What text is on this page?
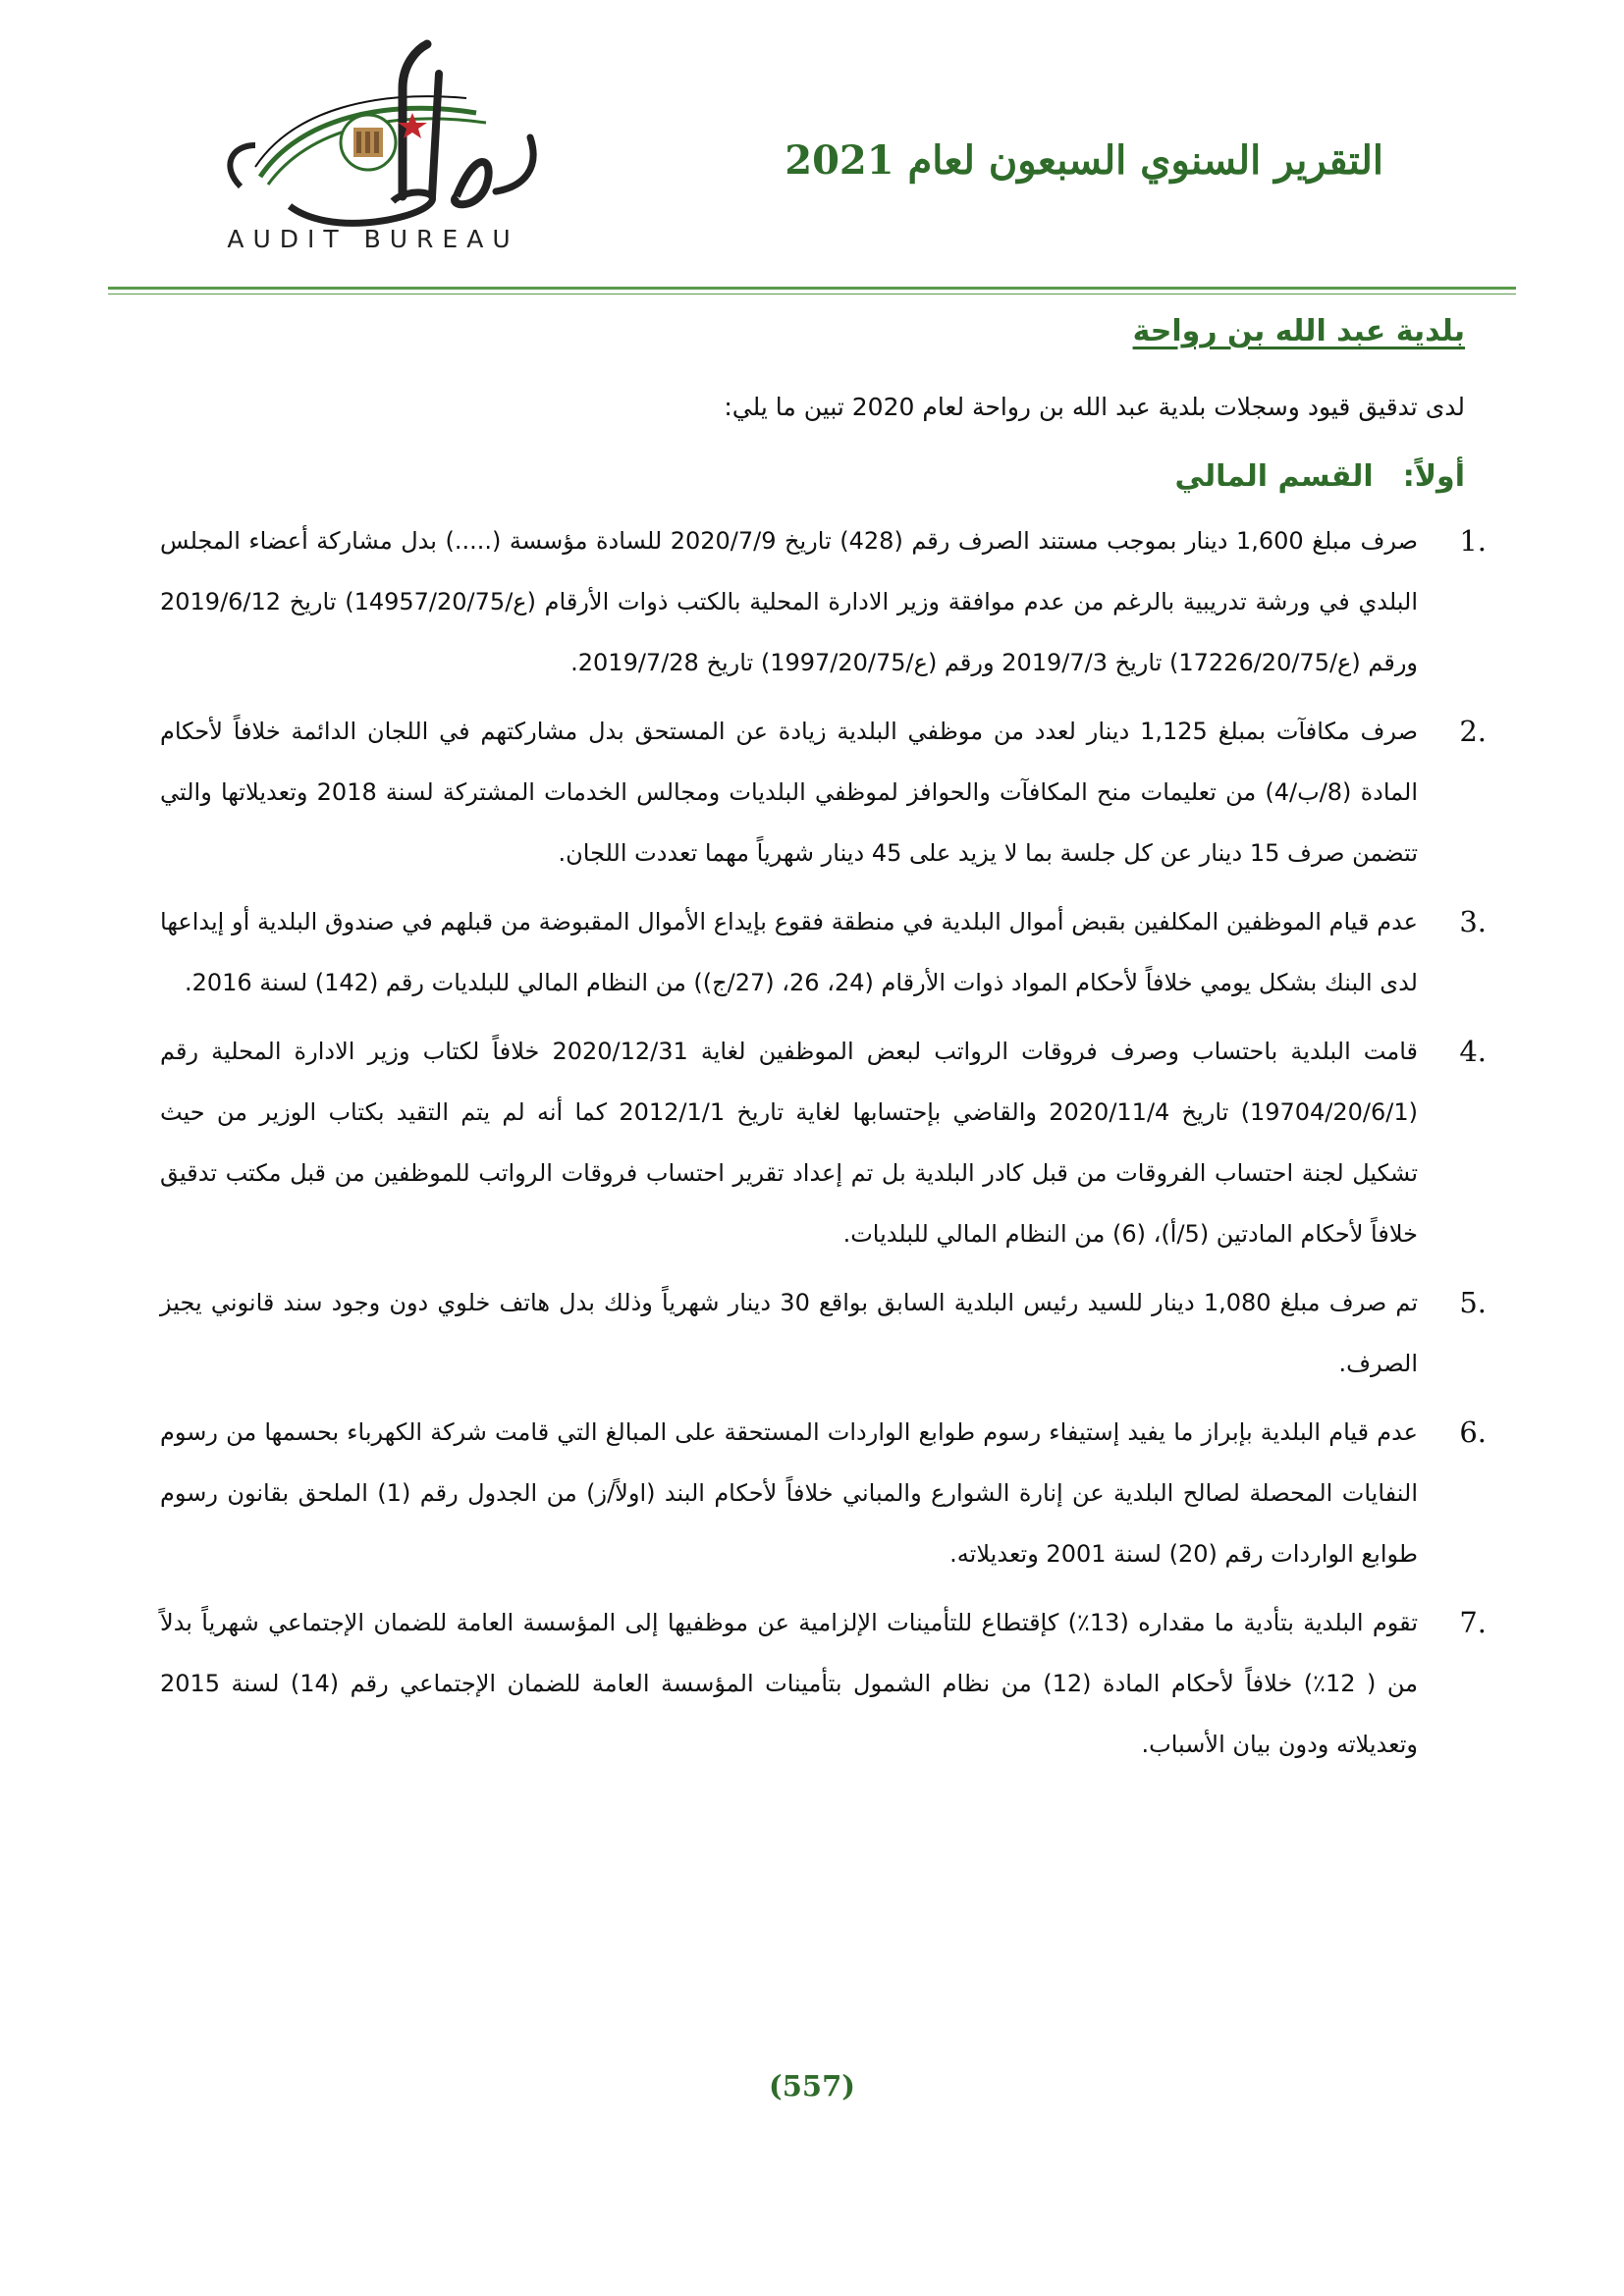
AUDIT BUREAU
التقرير السنوي السبعون لعام 2021
بلدية عبد الله بن رواحة
لدى تدقيق قيود وسجلات بلدية عبد الله بن رواحة لعام 2020 تبين ما يلي:
أولاً:القسم المالي
1.

صرف مبلغ 1,600 دينار بموجب مستند الصرف رقم (428) تاريخ 2020/7/9 للسادة مؤسسة (.....) بدل مشاركة أعضاء المجلس البلدي في ورشة تدريبية بالرغم من عدم موافقة وزير الادارة المحلية بالكتب ذوات الأرقام (ع/14957/20/75) تاريخ 2019/6/12 ورقم (ع/17226/20/75) تاريخ 2019/7/3 ورقم (ع/1997/20/75) تاريخ 2019/7/28.

2.

صرف مكافآت بمبلغ 1,125 دينار لعدد من موظفي البلدية زيادة عن المستحق بدل مشاركتهم في اللجان الدائمة خلافاً لأحكام المادة (8/ب/4) من تعليمات منح المكافآت والحوافز لموظفي البلديات ومجالس الخدمات المشتركة لسنة 2018 وتعديلاتها والتي تتضمن صرف 15 دينار عن كل جلسة بما لا يزيد على 45 دينار شهرياً مهما تعددت اللجان.

3.

عدم قيام الموظفين المكلفين بقبض أموال البلدية في منطقة فقوع بإيداع الأموال المقبوضة من قبلهم في صندوق البلدية أو إيداعها لدى البنك بشكل يومي خلافاً لأحكام المواد ذوات الأرقام (24، 26، (27/ج)) من النظام المالي للبلديات رقم (142) لسنة 2016.

4.

قامت البلدية باحتساب وصرف فروقات الرواتب لبعض الموظفين لغاية 2020/12/31 خلافاً لكتاب وزير الادارة المحلية رقم (19704/20/6/1) تاريخ 2020/11/4 والقاضي بإحتسابها لغاية تاريخ 2012/1/1 كما أنه لم يتم التقيد بكتاب الوزير من حيث تشكيل لجنة احتساب الفروقات من قبل كادر البلدية بل تم إعداد تقرير احتساب فروقات الرواتب للموظفين من قبل مكتب تدقيق خلافاً لأحكام المادتين (5/أ)، (6) من النظام المالي للبلديات.

5.

تم صرف مبلغ 1,080 دينار للسيد رئيس البلدية السابق بواقع 30 دينار شهرياً وذلك بدل هاتف خلوي دون وجود سند قانوني يجيز الصرف.

6.

عدم قيام البلدية بإبراز ما يفيد إستيفاء رسوم طوابع الواردات المستحقة على المبالغ التي قامت شركة الكهرباء بحسمها من رسوم النفايات المحصلة لصالح البلدية عن إنارة الشوارع والمباني خلافاً لأحكام البند (اولاً/ز) من الجدول رقم (1) الملحق بقانون رسوم طوابع الواردات رقم (20) لسنة 2001 وتعديلاته.

7.

تقوم البلدية بتأدية ما مقداره (13٪) كإقتطاع للتأمينات الإلزامية عن موظفيها إلى المؤسسة العامة للضمان الإجتماعي شهرياً بدلاً من ( 12٪) خلافاً لأحكام المادة (12) من نظام الشمول بتأمينات المؤسسة العامة للضمان الإجتماعي رقم (14) لسنة 2015 وتعديلاته ودون بيان الأسباب.

(557)
